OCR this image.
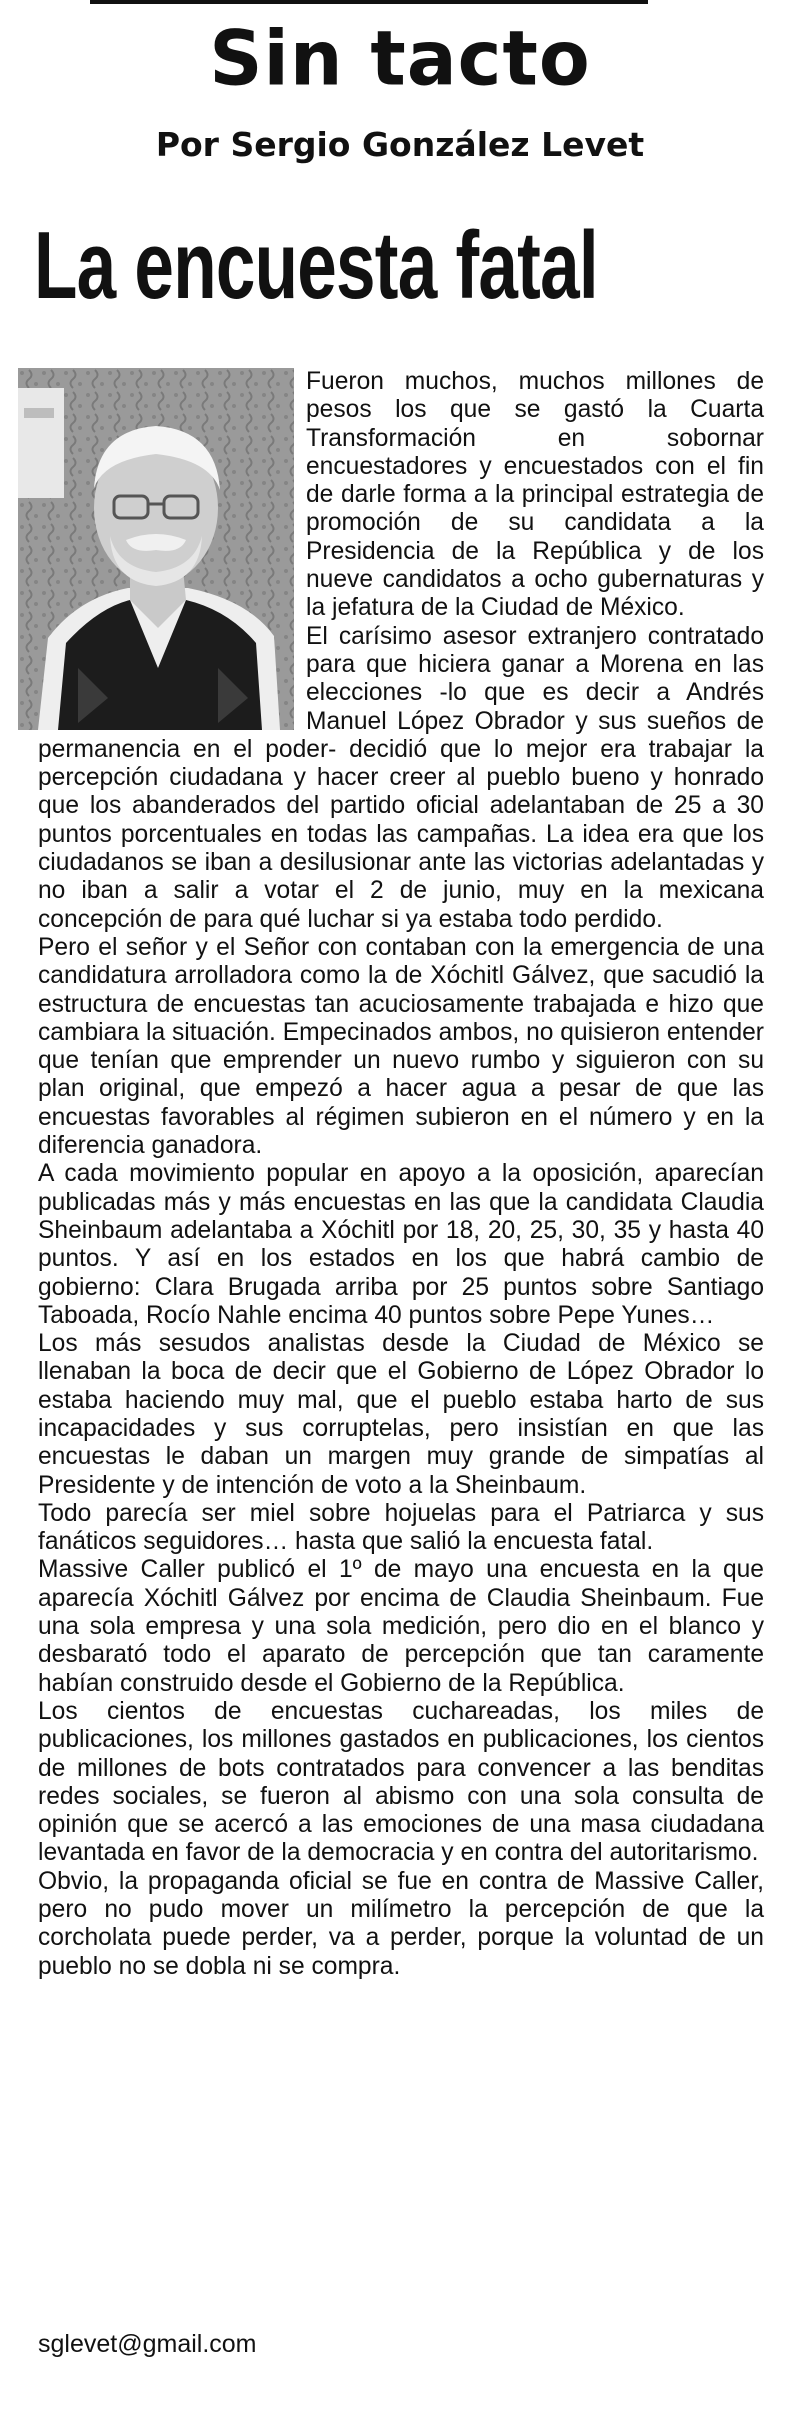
Sin tacto
Por Sergio González Levet
La encuesta fatal

Fueron muchos, muchos millones de pesos los que se gastó la Cuarta Transformación en sobornar encuestadores y encuestados con el fin de darle forma a la principal estrategia de promoción de su candidata a la Presidencia de la República y de los nueve candidatos a ocho gubernaturas y la jefatura de la Ciudad de México.

El carísimo asesor extranjero contratado para que hiciera ganar a Morena en las elecciones -lo que es decir a Andrés Manuel López Obrador y sus sueños de permanencia en el poder- decidió que lo mejor era trabajar la percepción ciudadana y hacer creer al pueblo bueno y honrado que los abanderados del partido oficial adelantaban de 25 a 30 puntos porcentuales en todas las campañas. La idea era que los ciudadanos se iban a desilusionar ante las victorias adelantadas y no iban a salir a votar el 2 de junio, muy en la mexicana concepción de para qué luchar si ya estaba todo perdido.

Pero el señor y el Señor con contaban con la emergencia de una candidatura arrolladora como la de Xóchitl Gálvez, que sacudió la estructura de encuestas tan acuciosamente trabajada e hizo que cambiara la situación. Empecinados ambos, no quisieron entender que tenían que emprender un nuevo rumbo y siguieron con su plan original, que empezó a hacer agua a pesar de que las encuestas favorables al régimen subieron en el número y en la diferencia ganadora.

A cada movimiento popular en apoyo a la oposición, aparecían publicadas más y más encuestas en las que la candidata Claudia Sheinbaum adelantaba a Xóchitl por 18, 20, 25, 30, 35 y hasta 40 puntos. Y así en los estados en los que habrá cambio de gobierno: Clara Brugada arriba por 25 puntos sobre Santiago Taboada, Rocío Nahle encima 40 puntos sobre Pepe Yunes…

Los más sesudos analistas desde la Ciudad de México se llenaban la boca de decir que el Gobierno de López Obrador lo estaba haciendo muy mal, que el pueblo estaba harto de sus incapacidades y sus corruptelas, pero insistían en que las encuestas le daban un margen muy grande de simpatías al Presidente y de intención de voto a la Sheinbaum.

Todo parecía ser miel sobre hojuelas para el Patriarca y sus fanáticos seguidores… hasta que salió la encuesta fatal.

Massive Caller publicó el 1º de mayo una encuesta en la que aparecía Xóchitl Gálvez por encima de Claudia Sheinbaum. Fue una sola empresa y una sola medición, pero dio en el blanco y desbarató todo el aparato de percepción que tan caramente habían construido desde el Gobierno de la República.

Los cientos de encuestas cuchareadas, los miles de publicaciones, los millones gastados en publicaciones, los cientos de millones de bots contratados para convencer a las benditas redes sociales, se fueron al abismo con una sola consulta de opinión que se acercó a las emociones de una masa ciudadana levantada en favor de la democracia y en contra del autoritarismo.

Obvio, la propaganda oficial se fue en contra de Massive Caller, pero no pudo mover un milímetro la percepción de que la corcholata puede perder, va a perder, porque la voluntad de un pueblo no se dobla ni se compra.

sglevet@gmail.com
